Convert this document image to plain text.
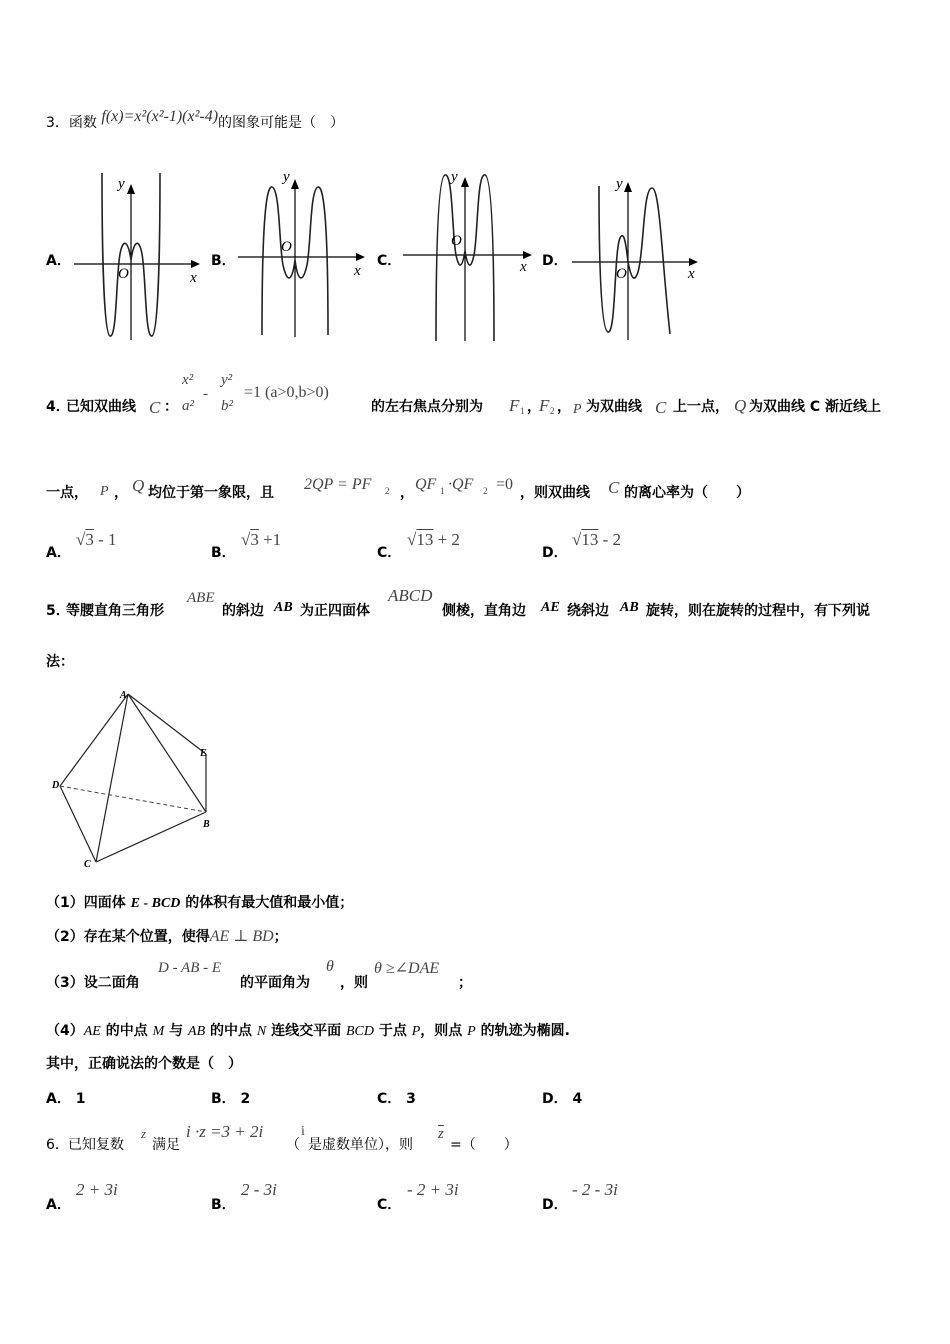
3．函数 f(x)=x²(x²-1)(x²-4)的图象可能是（　）
A．	B．	C．	D．
y
x
O
y
x
O
y
x
O
y
x
O
4．
已知双曲线 C ：
x²
a²
-
y²
b²
=1 (a>0,b>0)
的左右焦点分别为 F 1 ，
F 2 ， P 为双曲线 C 上一点， Q 为双曲线 C 渐近线上
一点， P ， Q 均位于第一象限，且 2QP = PF 2 ， QF 1 ·QF 2 =0 ，则双曲线 C 的离心率为（　　）
A．
√3 - 1
B．
√3 +1
C．
√13 + 2
D．
√13 - 2
5．
等腰直角三角形
ABE
的斜边 AB 为正四面体
ABCD
侧棱，直角边 AE 绕斜边 AB 旋转，则在旋转的过程中，有下列说
法：
A
D
E
B
C
（1）四面体 E - BCD 的体积有最大值和最小值；
（2）存在某个位置，使得AE ⊥ BD；
（3）设二面角
D - AB - E
的平面角为
θ
，则
θ ≥∠DAE
；
（4）AE 的中点 M 与 AB 的中点 N 连线交平面 BCD 于点 P，则点 P 的轨迹为椭圆.
其中，正确说法的个数是（　）
A． 1	B． 2	C． 3	D． 4
6． 已知复数
z
满足
i ·z =3 + 2i
（
i
是虚数单位），则
$\overline{z}$
=（　　）
A．
2 + 3i
B．
2 - 3i
C．
- 2 + 3i
D．
- 2 - 3i
